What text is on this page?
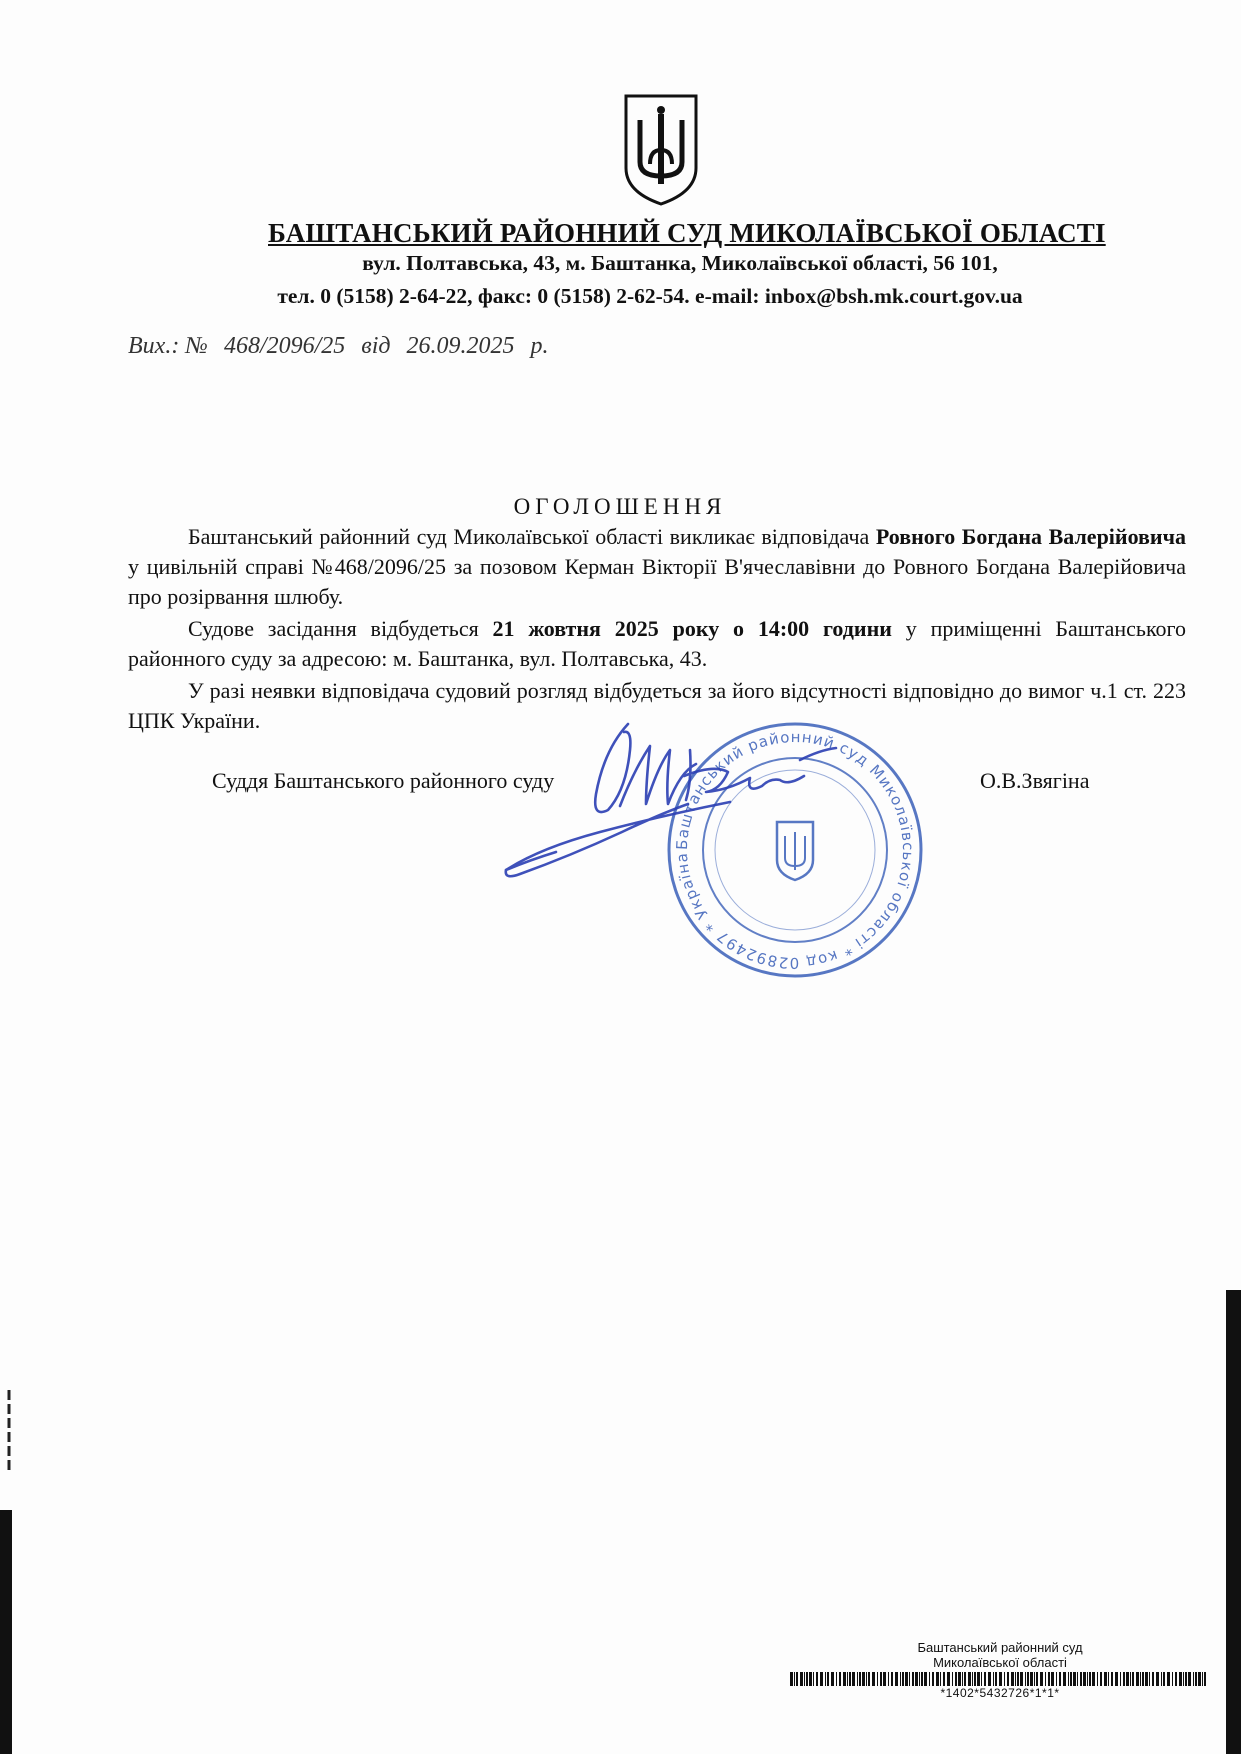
БАШТАНСЬКИЙ РАЙОННИЙ СУД МИКОЛАЇВСЬКОЇ ОБЛАСТІ
вул. Полтавська, 43, м. Баштанка, Миколаївської області, 56 101,
тел. 0 (5158) 2-64-22, факс: 0 (5158) 2-62-54. e-mail: inbox@bsh.mk.court.gov.ua
Вих.: № 468/2096/25 від 26.09.2025 р.
ОГОЛОШЕННЯ
Баштанський районний суд Миколаївської області викликає відповідача Ровного Богдана Валерійовича у цивільній справі №468/2096/25 за позовом Керман Вікторії В'ячеславівни до Ровного Богдана Валерійовича про розірвання шлюбу.
Судове засідання відбудеться 21 жовтня 2025 року о 14:00 години у приміщенні Баштанського районного суду за адресою: м. Баштанка, вул. Полтавська, 43.
У разі неявки відповідача судовий розгляд відбудеться за його відсутності відповідно до вимог ч.1 ст. 223 ЦПК України.
Суддя Баштанського районного суду	О.В.Звягіна
Баштанський районний суд Миколаївської області * код 02892497 * Україна
Баштанський районний суд
Миколаївської області
*1402*5432726*1*1*
